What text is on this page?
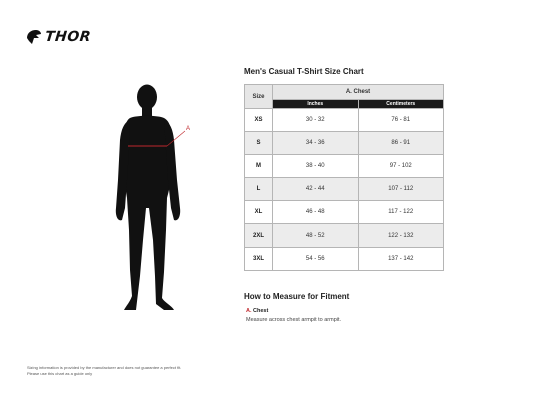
THOR
A
Men's Casual T-Shirt Size Chart
Size	A. Chest	
	Inches	Centimeters
XS	30 - 32	76 - 81
S	34 - 36	86 - 91
M	38 - 40	97 - 102
L	42 - 44	107 - 112
XL	46 - 48	117 - 122
2XL	48 - 52	122 - 132
3XL	54 - 56	137 - 142
How to Measure for Fitment
A. Chest
Measure across chest armpit to armpit.
Sizing information is provided by the manufacturer and does not guarantee a perfect fit.
Please use this chart as a guide only
